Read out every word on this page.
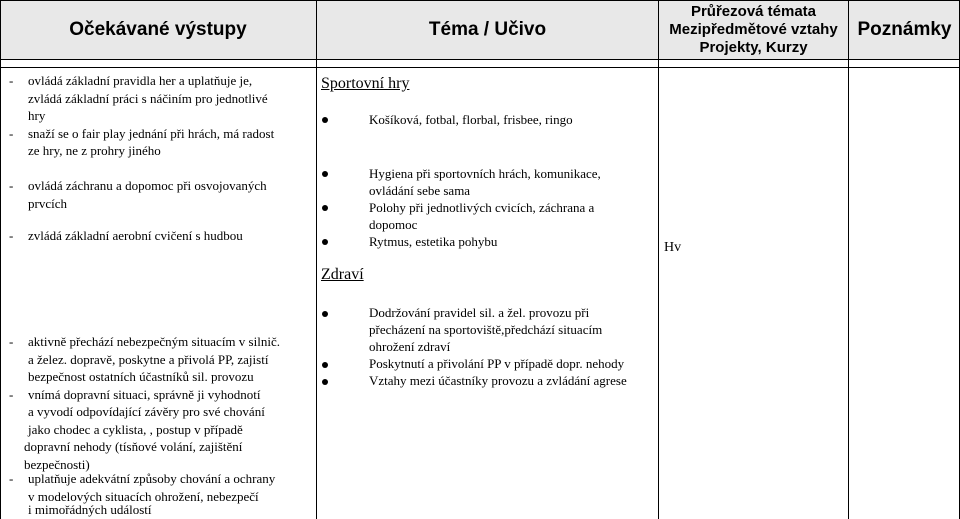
Očekávané výstupy	Téma / Učivo
Průřezová témata
Mezipředmětové vztahy
Projekty, Kurzy
Poznámky
- ovládá základní pravidla her a uplatňuje je,
zvládá základní práci s náčiním pro jednotlivé
hry
- snaží se o fair play jednání při hrách, má radost
ze hry, ne z prohry jiného
- ovládá záchranu a dopomoc při osvojovaných
prvcích
- zvládá základní aerobní cvičení s hudbou
- aktivně přechází nebezpečným situacím v silnič.
a želez. dopravě, poskytne a přivolá PP, zajistí
bezpečnost ostatních účastníků sil. provozu
- vnímá dopravní situaci, správně ji vyhodnotí
a vyvodí odpovídající závěry pro své chování
jako chodec a cyklista, , postup v případě
dopravní nehody (tísňové volání, zajištění
bezpečnosti)
- uplatňuje adekvátní způsoby chování a ochrany
v modelových situacích ohrožení, nebezpečí
i mimořádných událostí
Sportovní hry
Košíková, fotbal, florbal, frisbee, ringo
Hygiena při sportovních hrách, komunikace,
ovládání sebe sama
Polohy při jednotlivých cvicích, záchrana a
dopomoc
Rytmus, estetika pohybu
Zdraví
Dodržování pravidel sil. a žel. provozu při
přecházení na sportoviště,předchází situacím
ohrožení zdraví
Poskytnutí a přivolání PP v případě dopr. nehody
Vztahy mezi účastníky provozu a zvládání agrese
Hv
